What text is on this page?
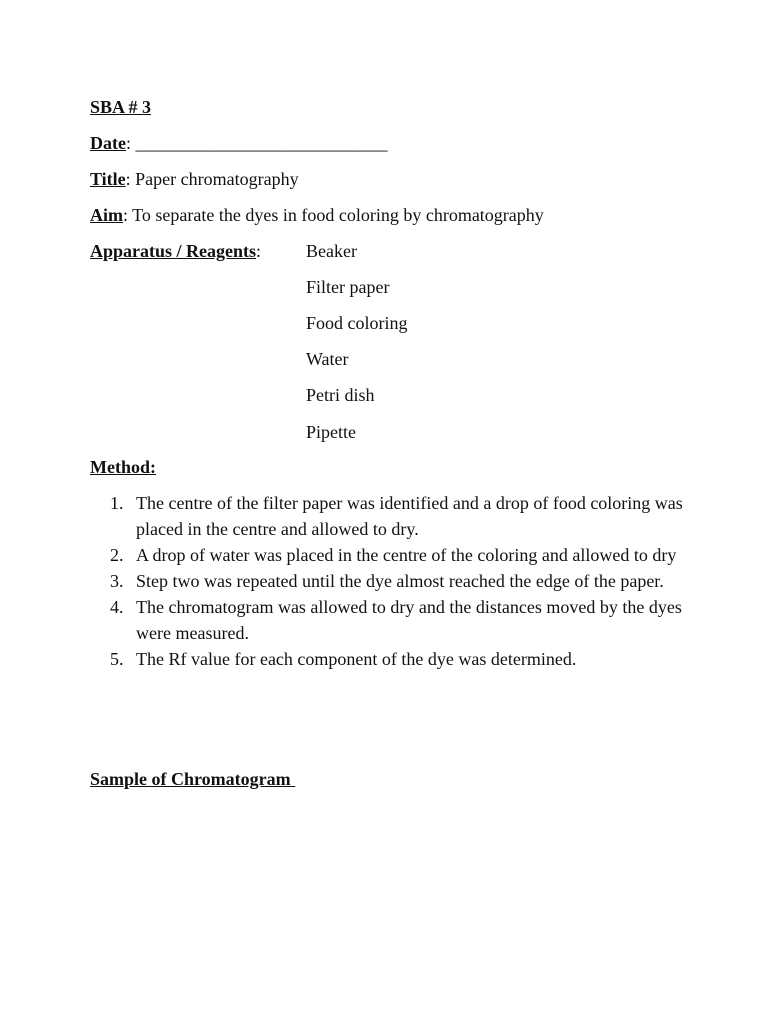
SBA # 3
Date: ____________________________
Title: Paper chromatography
Aim: To separate the dyes in food coloring by chromatography
Apparatus / Reagents: Beaker
Filter paper
Food coloring
Water
Petri dish
Pipette
Method:
1. The centre of the filter paper was identified and a drop of food coloring was placed in the centre and allowed to dry.
2. A drop of water was placed in the centre of the coloring and allowed to dry
3. Step two was repeated until the dye almost reached the edge of the paper.
4. The chromatogram was allowed to dry and the distances moved by the dyes were measured.
5. The Rf value for each component of the dye was determined.
Sample of Chromatogram
